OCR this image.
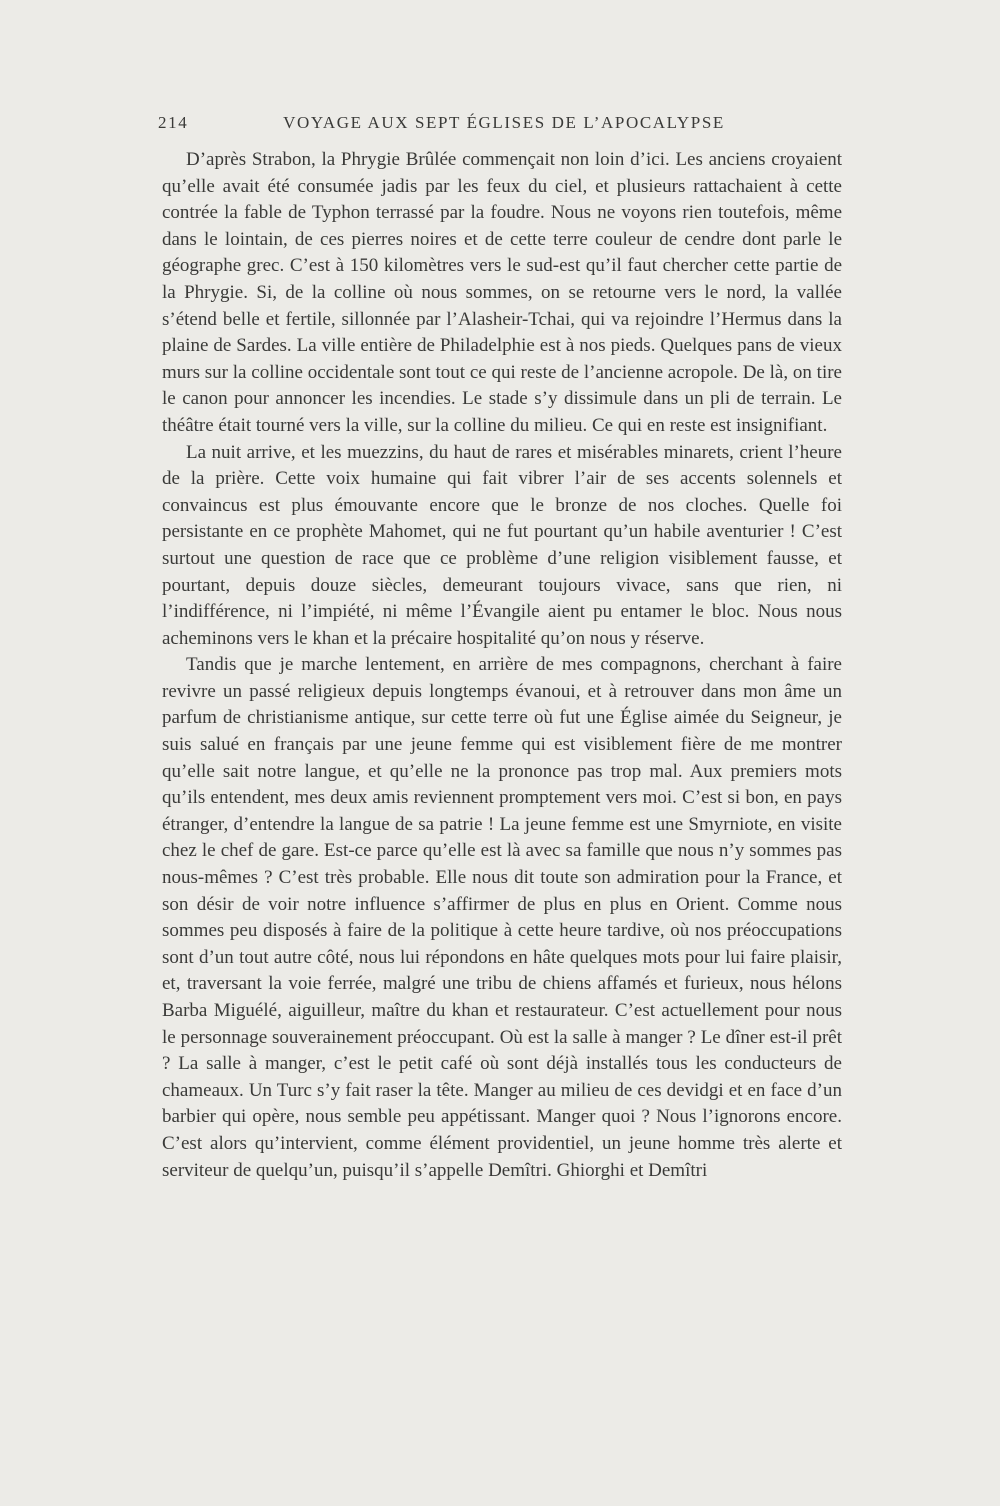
214	VOYAGE AUX SEPT ÉGLISES DE L’APOCALYPSE

D’après Strabon, la Phrygie Brûlée commençait non loin d’ici. Les anciens croyaient qu’elle avait été consumée jadis par les feux du ciel, et plusieurs rattachaient à cette contrée la fable de Typhon terrassé par la foudre. Nous ne voyons rien toutefois, même dans le lointain, de ces pierres noires et de cette terre couleur de cendre dont parle le géographe grec. C’est à 150 kilomètres vers le sud-est qu’il faut chercher cette partie de la Phrygie. Si, de la colline où nous sommes, on se retourne vers le nord, la vallée s’étend belle et fertile, sillonnée par l’Alasheir-Tchai, qui va rejoindre l’Hermus dans la plaine de Sardes. La ville entière de Philadelphie est à nos pieds. Quelques pans de vieux murs sur la colline occidentale sont tout ce qui reste de l’ancienne acropole. De là, on tire le canon pour annoncer les incendies. Le stade s’y dissimule dans un pli de terrain. Le théâtre était tourné vers la ville, sur la colline du milieu. Ce qui en reste est insignifiant.

La nuit arrive, et les muezzins, du haut de rares et misérables minarets, crient l’heure de la prière. Cette voix humaine qui fait vibrer l’air de ses accents solennels et convaincus est plus émouvante encore que le bronze de nos cloches. Quelle foi persistante en ce prophète Mahomet, qui ne fut pourtant qu’un habile aventurier ! C’est surtout une question de race que ce problème d’une religion visiblement fausse, et pourtant, depuis douze siècles, demeurant toujours vivace, sans que rien, ni l’indifférence, ni l’impiété, ni même l’Évangile aient pu entamer le bloc. Nous nous acheminons vers le khan et la précaire hospitalité qu’on nous y réserve.

Tandis que je marche lentement, en arrière de mes compagnons, cherchant à faire revivre un passé religieux depuis longtemps évanoui, et à retrouver dans mon âme un parfum de christianisme antique, sur cette terre où fut une Église aimée du Seigneur, je suis salué en français par une jeune femme qui est visiblement fière de me montrer qu’elle sait notre langue, et qu’elle ne la prononce pas trop mal. Aux premiers mots qu’ils entendent, mes deux amis reviennent promptement vers moi. C’est si bon, en pays étranger, d’entendre la langue de sa patrie ! La jeune femme est une Smyrniote, en visite chez le chef de gare. Est-ce parce qu’elle est là avec sa famille que nous n’y sommes pas nous-mêmes ? C’est très probable. Elle nous dit toute son admiration pour la France, et son désir de voir notre influence s’affirmer de plus en plus en Orient. Comme nous sommes peu disposés à faire de la politique à cette heure tardive, où nos préoccupations sont d’un tout autre côté, nous lui répondons en hâte quelques mots pour lui faire plaisir, et, traversant la voie ferrée, malgré une tribu de chiens affamés et furieux, nous hélons Barba Miguélé, aiguilleur, maître du khan et restaurateur. C’est actuellement pour nous le personnage souverainement préoccupant. Où est la salle à manger ? Le dîner est-il prêt ? La salle à manger, c’est le petit café où sont déjà installés tous les conducteurs de chameaux. Un Turc s’y fait raser la tête. Manger au milieu de ces devidgi et en face d’un barbier qui opère, nous semble peu appétissant. Manger quoi ? Nous l’ignorons encore. C’est alors qu’intervient, comme élément providentiel, un jeune homme très alerte et serviteur de quelqu’un, puisqu’il s’appelle Demîtri. Ghiorghi et Demîtri
